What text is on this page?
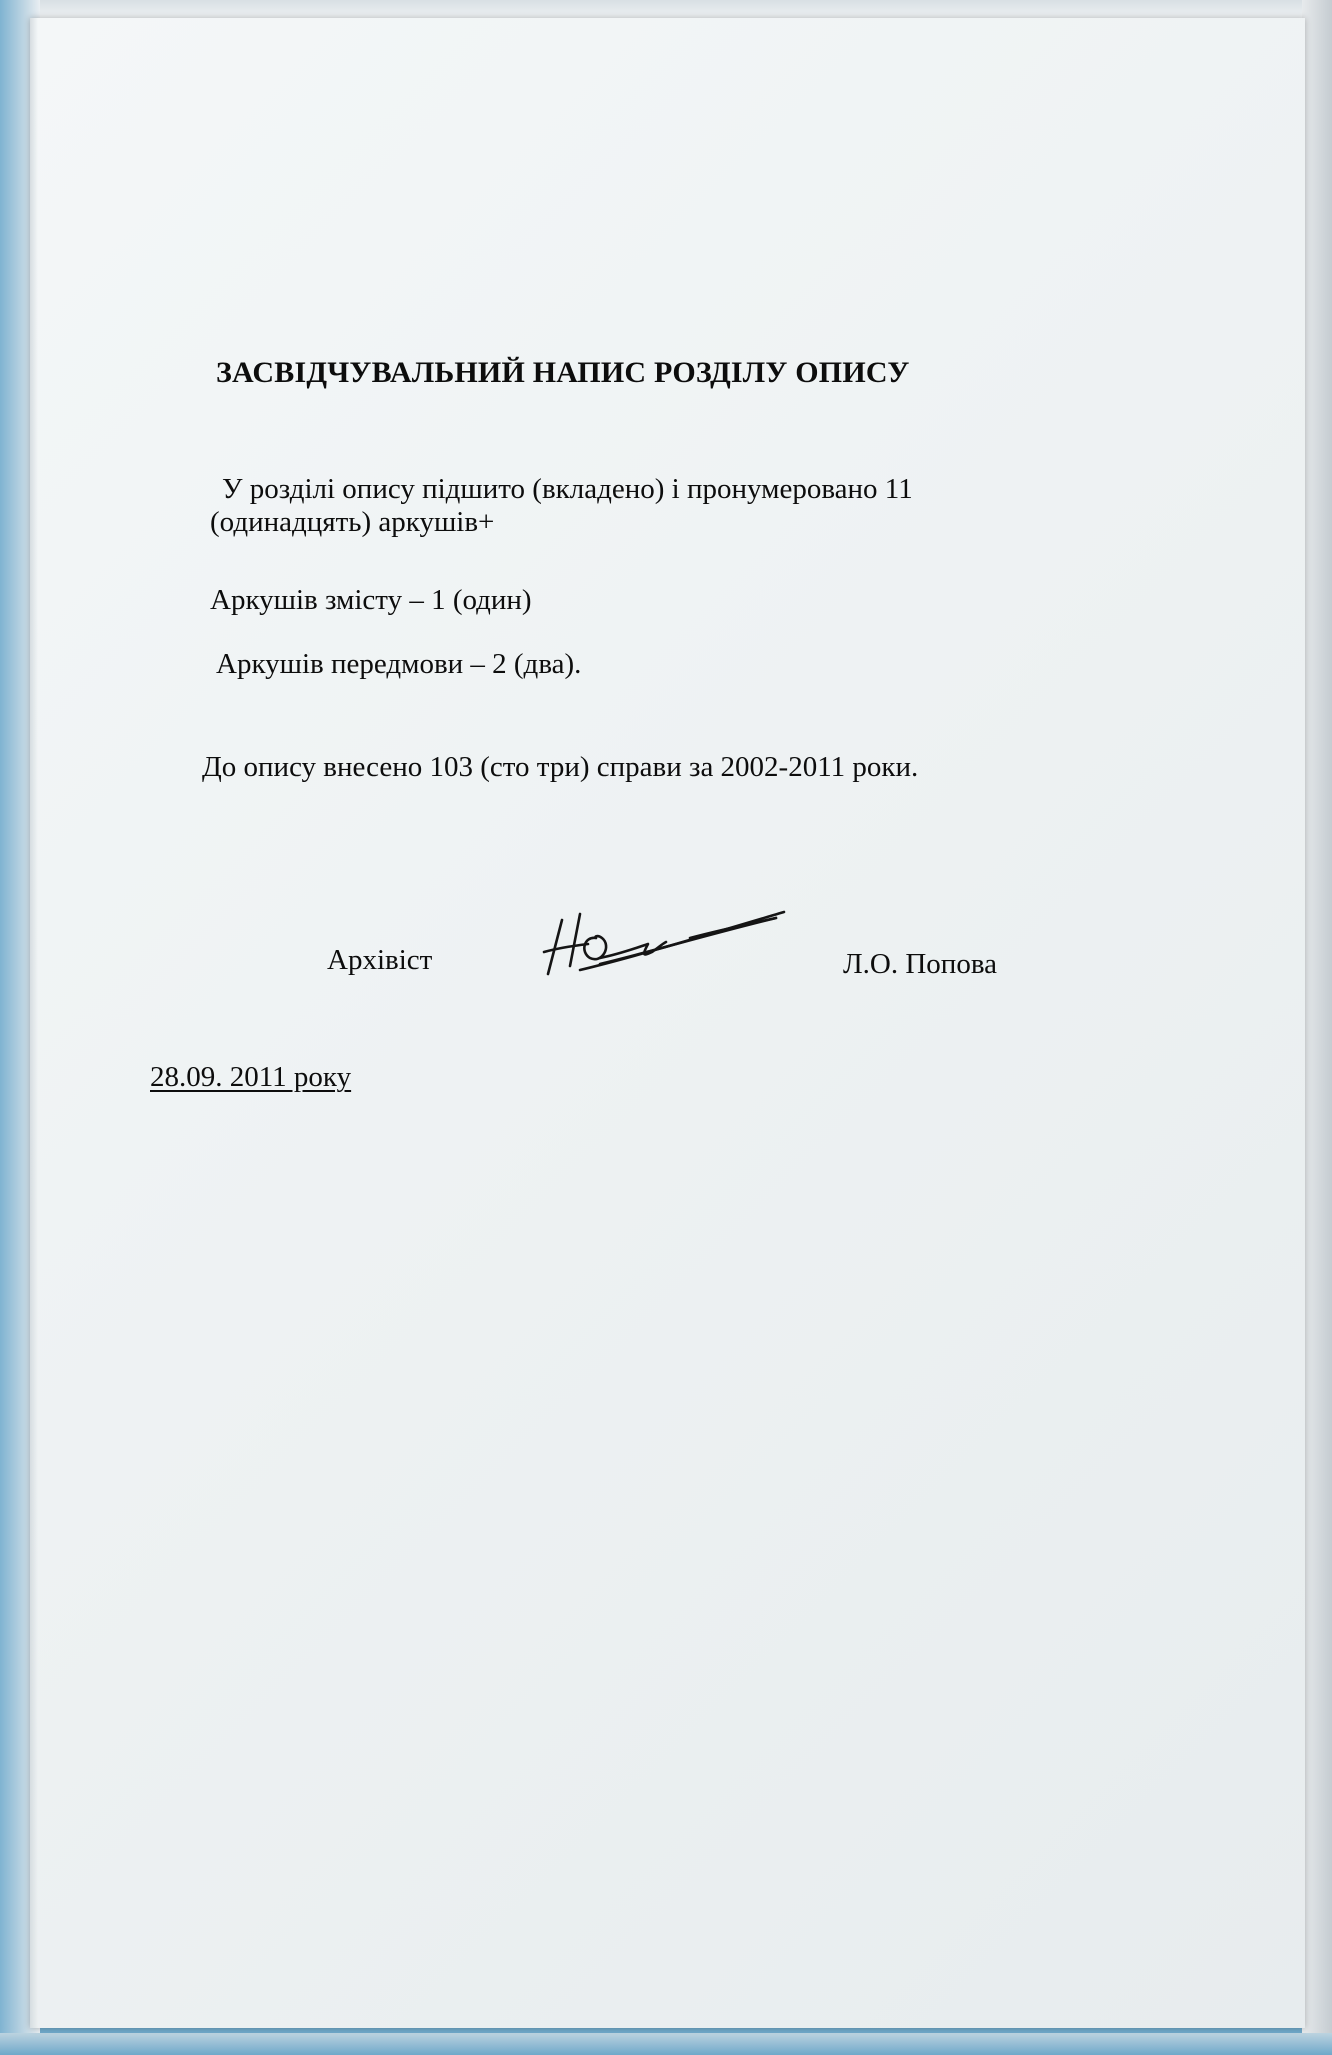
ЗАСВІДЧУВАЛЬНИЙ НАПИС РОЗДІЛУ ОПИСУ
У розділі опису підшито (вкладено) і пронумеровано 11
(одинадцять) аркушів+
Аркушів змісту – 1 (один)
Аркушів передмови – 2 (два).
До опису внесено 103 (сто три) справи за 2002-2011 роки.
Архівіст	Л.О. Попова
28.09. 2011 року
